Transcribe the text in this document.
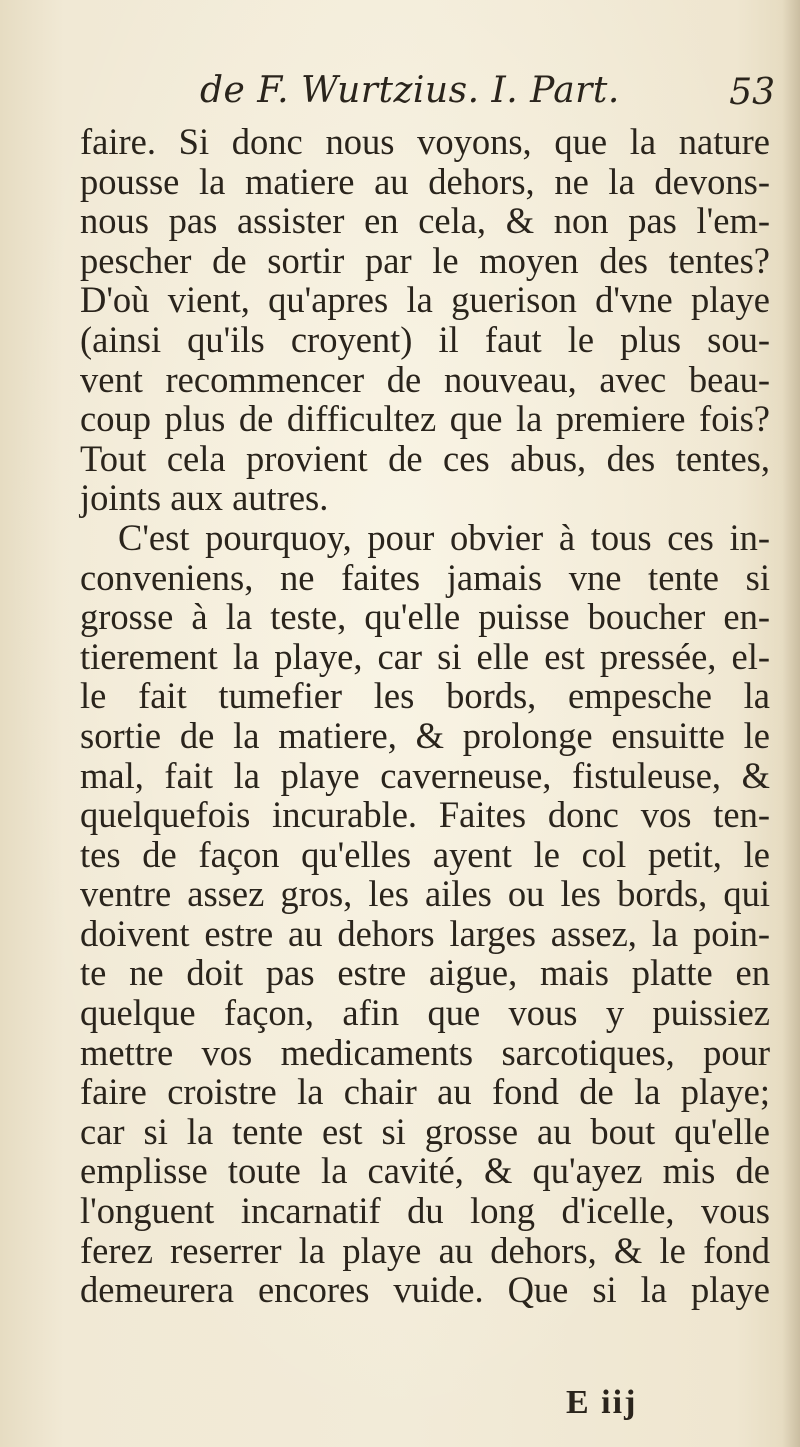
de F. Wurtzius. I. Part.	53
faire. Si donc nous voyons, que la nature
pousse la matiere au dehors, ne la devons-
nous pas assister en cela, & non pas l'em-
pescher de sortir par le moyen des tentes?
D'où vient, qu'apres la guerison d'vne playe
(ainsi qu'ils croyent) il faut le plus sou-
vent recommencer de nouveau, avec beau-
coup plus de difficultez que la premiere fois?
Tout cela provient de ces abus, des tentes,
joints aux autres.
C'est pourquoy, pour obvier à tous ces in-
conveniens, ne faites jamais vne tente si
grosse à la teste, qu'elle puisse boucher en-
tierement la playe, car si elle est pressée, el-
le fait tumefier les bords, empesche la
sortie de la matiere, & prolonge ensuitte le
mal, fait la playe caverneuse, fistuleuse, &
quelquefois incurable. Faites donc vos ten-
tes de façon qu'elles ayent le col petit, le
ventre assez gros, les ailes ou les bords, qui
doivent estre au dehors larges assez, la poin-
te ne doit pas estre aigue, mais platte en
quelque façon, afin que vous y puissiez
mettre vos medicaments sarcotiques, pour
faire croistre la chair au fond de la playe;
car si la tente est si grosse au bout qu'elle
emplisse toute la cavité, & qu'ayez mis de
l'onguent incarnatif du long d'icelle, vous
ferez reserrer la playe au dehors, & le fond
demeurera encores vuide. Que si la playe
E iij
